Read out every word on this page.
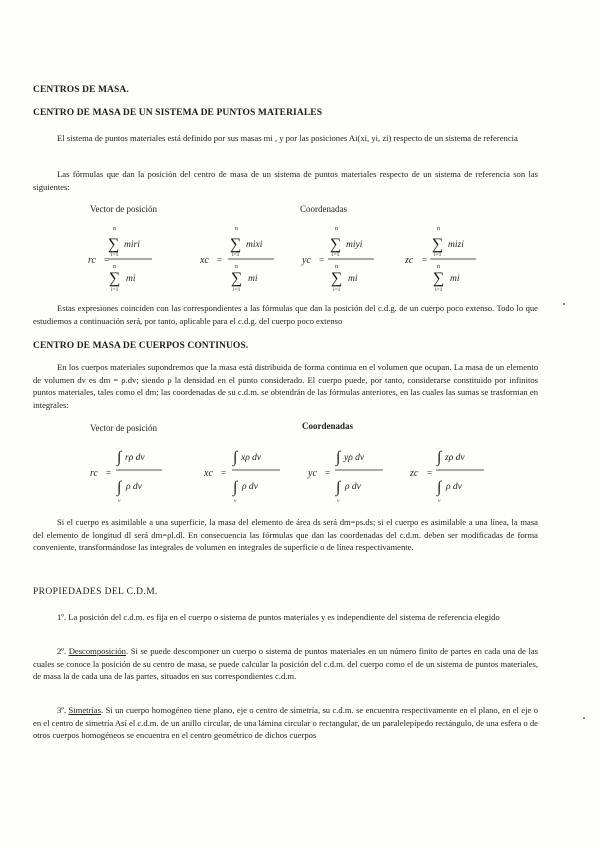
CENTROS DE MASA.
CENTRO DE MASA DE UN SISTEMA DE PUNTOS MATERIALES
El sistema de puntos materiales está definido por sus masas mi , y por las posiciones Ai(xi, yi, zi) respecto de un sistema de referencia
Las fórmulas que dan la posición del centro de masa de un sistema de puntos materiales respecto de un sistema de referencia son las siguientes:
Vector de posición	Coordenadas
rc =
n
∑ miri
i=1
n
∑ mi
i=1
xc =
n
∑ mixi
i=1
n
∑ mi
i=1
yc =
n
∑ miyi
i=1
n
∑ mi
i=1
zc =
n
∑ mizi
i=1
n
∑ mi
i=1
Estas expresiones coinciden con las correspondientes a las fórmulas que dan la posición del c.d.g. de un cuerpo poco extenso. Todo lo que estudiemos a continuación será, por tanto, aplicable para el c.d.g. del cuerpo poco extenso
CENTRO DE MASA DE CUERPOS CONTINUOS.
En los cuerpos materiales supondremos que la masa está distribuida de forma continua en el volumen que ocupan. La masa de un elemento de volumen dv es dm = ρ.dv; siendo ρ la densidad en el punto considerado. El cuerpo puede, por tanto, considerarse constituido por infinitos puntos materiales, tales como el dm; las coordenadas de su c.d.m. se obtendrán de las fórmulas anteriores, en las cuales las sumas se trasforman en integrales:
Vector de posición	Coordenadas
rc =
∫ rρ dv
∫ ρ dv
v
xc =
∫ xρ dv
∫ ρ dv
v
yc =
∫ yρ dv
∫ ρ dv
v
zc =
∫ zρ dv
∫ ρ dv
v
Si el cuerpo es asimilable a una superficie, la masa del elemento de área ds será dm=ρs.ds; si el cuerpo es asimilable a una línea, la masa del elemento de longitud dl será dm=ρl.dl. En consecuencia las fórmulas que dan las coordenadas del c.d.m. deben ser modificadas de forma conveniente, transformándose las integrales de volumen en integrales de superficie o de línea respectivamente.
PROPIEDADES DEL C.D.M.
1º. La posición del c.d.m. es fija en el cuerpo o sistema de puntos materiales y es independiente del sistema de referencia elegido
2º. Descomposición. Si se puede descomponer un cuerpo o sistema de puntos materiales en un número finito de partes en cada una de las cuales se conoce la posición de su centro de masa, se puede calcular la posición del c.d.m. del cuerpo como el de un sistema de puntos materiales, de masa la de cada una de las partes, situados en sus correspondientes c.d.m.
3º. Simetrías. Si un cuerpo homogéneo tiene plano, eje o centro de simetría, su c.d.m. se encuentra respectivamente en el plano, en el eje o en el centro de simetría Así el c.d.m. de un anillo circular, de una lámina circular o rectangular, de un paralelepípedo rectángulo, de una esfera o de otros cuerpos homogéneos se encuentra en el centro geométrico de dichos cuerpos
